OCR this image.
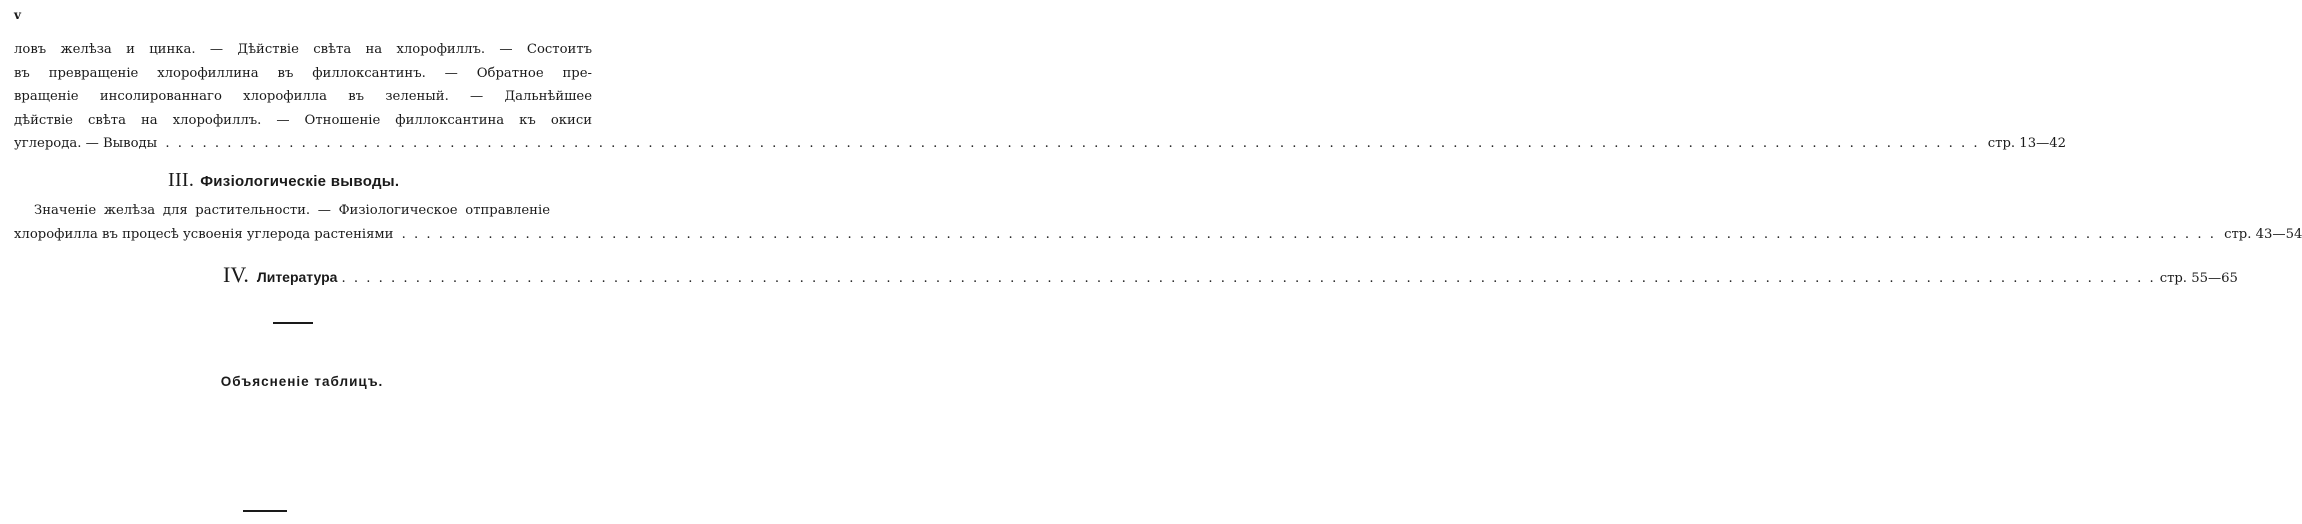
v
ловъ желѣза и цинка. — Дѣйствіе свѣта на хлорофиллъ. — Состоитъ
въ превращеніе хлорофиллина въ филлоксантинъ. — Обратное пре-
вращеніе инсолированнаго хлорофилла въ зеленый. — Дальнѣйшее
дѣйствіе свѣта на хлорофиллъ. — Отношеніе филлоксантина къ окиси
углерода. — Выводы . . .	стр. 13—42
III. Физіологическіе выводы.
Значеніе желѣза для растительности. — Физіологическое отправленіе
хлорофилла въ процесѣ усвоенія углерода растеніями . . .	стр. 43—54
IV. Литература . . .	стр. 55—65
Объясненіе таблицъ.
